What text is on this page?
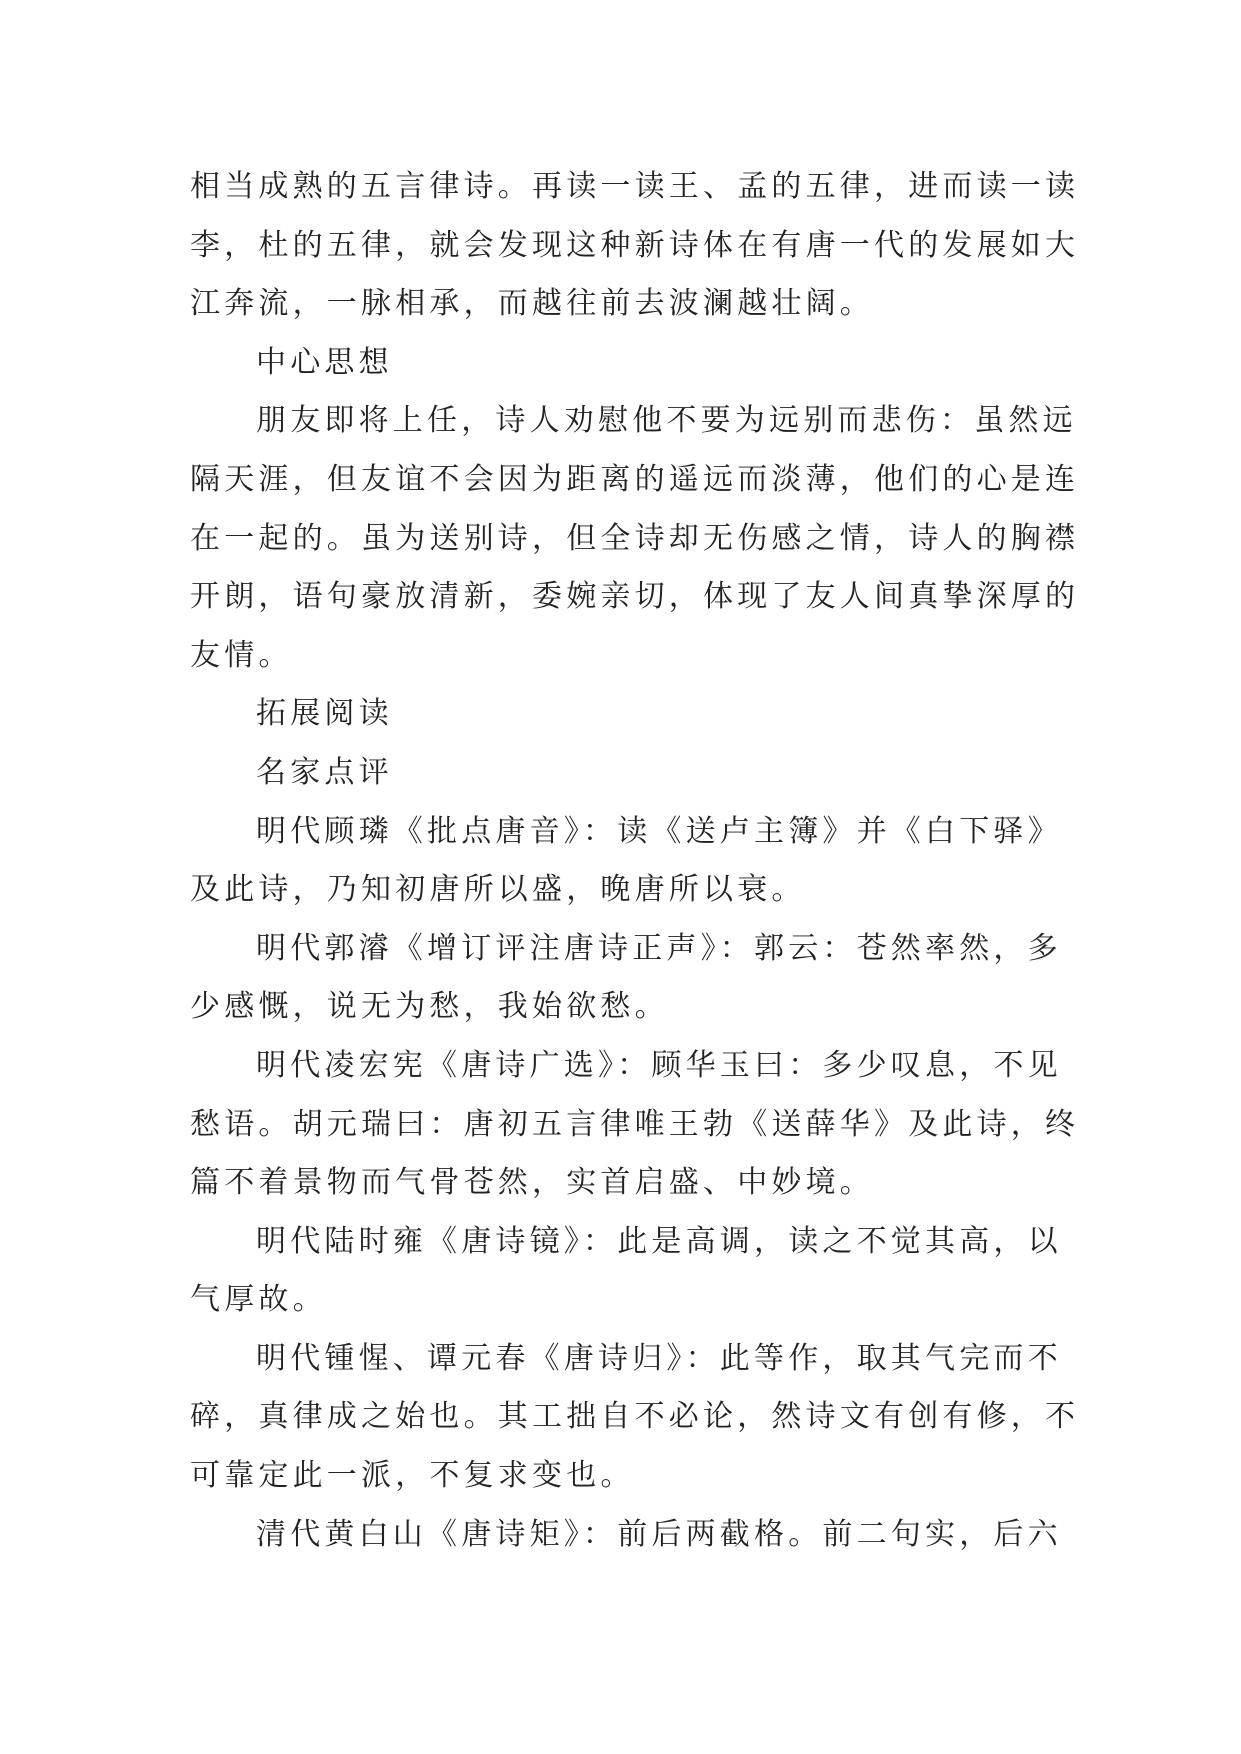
相当成熟的五言律诗。再读一读王、孟的五律，进而读一读
李，杜的五律，就会发现这种新诗体在有唐一代的发展如大
江奔流，一脉相承，而越往前去波澜越壮阔。
中心思想
朋友即将上任，诗人劝慰他不要为远别而悲伤：虽然远
隔天涯，但友谊不会因为距离的遥远而淡薄，他们的心是连
在一起的。虽为送别诗，但全诗却无伤感之情，诗人的胸襟
开朗，语句豪放清新，委婉亲切，体现了友人间真挚深厚的
友情。
拓展阅读
名家点评
明代顾璘《批点唐音》：读《送卢主簿》并《白下驿》
及此诗，乃知初唐所以盛，晚唐所以衰。
明代郭濬《增订评注唐诗正声》：郭云：苍然率然，多
少感慨，说无为愁，我始欲愁。
明代凌宏宪《唐诗广选》：顾华玉曰：多少叹息，不见
愁语。胡元瑞曰：唐初五言律唯王勃《送薛华》及此诗，终
篇不着景物而气骨苍然，实首启盛、中妙境。
明代陆时雍《唐诗镜》：此是高调，读之不觉其高，以
气厚故。
明代锺惺、谭元春《唐诗归》：此等作，取其气完而不
碎，真律成之始也。其工拙自不必论，然诗文有创有修，不
可靠定此一派，不复求变也。
清代黄白山《唐诗矩》：前后两截格。前二句实，后六
